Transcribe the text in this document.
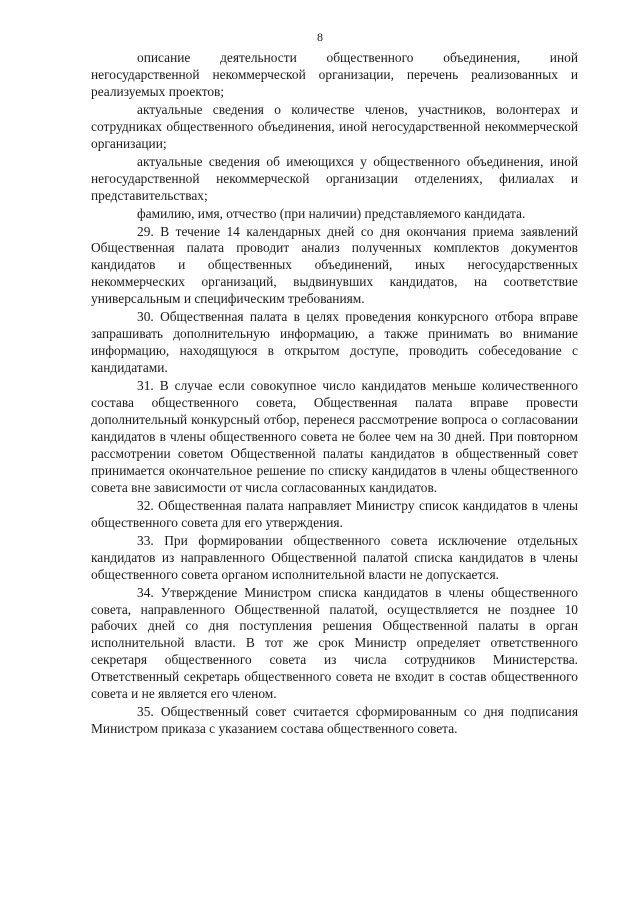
8

описание деятельности общественного объединения, иной негосударственной некоммерческой организации, перечень реализованных и реализуемых проектов;

актуальные сведения о количестве членов, участников, волонтерах и сотрудниках общественного объединения, иной негосударственной некоммерческой организации;

актуальные сведения об имеющихся у общественного объединения, иной негосударственной некоммерческой организации отделениях, филиалах и представительствах;

фамилию, имя, отчество (при наличии) представляемого кандидата.

29. В течение 14 календарных дней со дня окончания приема заявлений Общественная палата проводит анализ полученных комплектов документов кандидатов и общественных объединений, иных негосударственных некоммерческих организаций, выдвинувших кандидатов, на соответствие универсальным и специфическим требованиям.

30. Общественная палата в целях проведения конкурсного отбора вправе запрашивать дополнительную информацию, а также принимать во внимание информацию, находящуюся в открытом доступе, проводить собеседование с кандидатами.

31. В случае если совокупное число кандидатов меньше количественного состава общественного совета, Общественная палата вправе провести дополнительный конкурсный отбор, перенеся рассмотрение вопроса о согласовании кандидатов в члены общественного совета не более чем на 30 дней. При повторном рассмотрении советом Общественной палаты кандидатов в общественный совет принимается окончательное решение по списку кандидатов в члены общественного совета вне зависимости от числа согласованных кандидатов.

32. Общественная палата направляет Министру список кандидатов в члены общественного совета для его утверждения.

33. При формировании общественного совета исключение отдельных кандидатов из направленного Общественной палатой списка кандидатов в члены общественного совета органом исполнительной власти не допускается.

34. Утверждение Министром списка кандидатов в члены общественного совета, направленного Общественной палатой, осуществляется не позднее 10 рабочих дней со дня поступления решения Общественной палаты в орган исполнительной власти. В тот же срок Министр определяет ответственного секретаря общественного совета из числа сотрудников Министерства. Ответственный секретарь общественного совета не входит в состав общественного совета и не является его членом.

35. Общественный совет считается сформированным со дня подписания Министром приказа с указанием состава общественного совета.
